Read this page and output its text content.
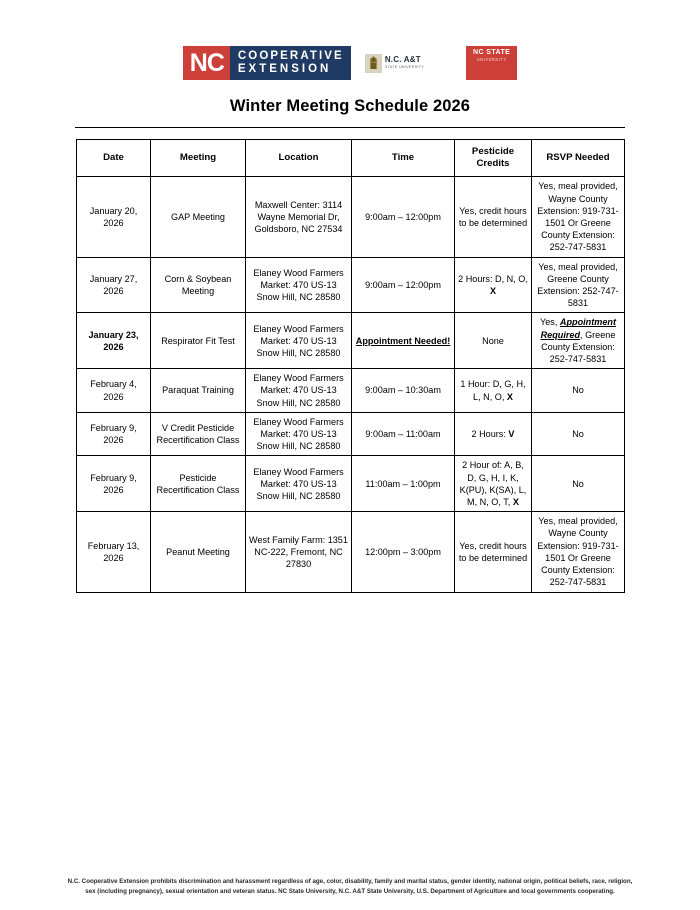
NC	COOPERATIVE
EXTENSION
N.C. A&T
STATE UNIVERSITY
NC STATE
UNIVERSITY
Winter Meeting Schedule 2026
Date	Meeting	Location	Time	Pesticide Credits	RSVP Needed
January 20, 2026	GAP Meeting	Maxwell Center: 3114 Wayne Memorial Dr, Goldsboro, NC 27534	9:00am – 12:00pm	Yes, credit hours to be determined	Yes, meal provided, Wayne County Extension: 919-731-1501 Or Greene County Extension: 252-747-5831
January 27, 2026	Corn & Soybean Meeting	Elaney Wood Farmers Market: 470 US-13 Snow Hill, NC 28580	9:00am – 12:00pm	2 Hours: D, N, O, X	Yes, meal provided, Greene County Extension: 252-747-5831
January 23, 2026	Respirator Fit Test	Elaney Wood Farmers Market: 470 US-13 Snow Hill, NC 28580	Appointment Needed!	None	Yes, Appointment Required, Greene County Extension: 252-747-5831
February 4, 2026	Paraquat Training	Elaney Wood Farmers Market: 470 US-13 Snow Hill, NC 28580	9:00am – 10:30am	1 Hour: D, G, H, L, N, O, X	No
February 9, 2026	V Credit Pesticide Recertification Class	Elaney Wood Farmers Market: 470 US-13 Snow Hill, NC 28580	9:00am – 11:00am	2 Hours: V	No
February 9, 2026	Pesticide Recertification Class	Elaney Wood Farmers Market: 470 US-13 Snow Hill, NC 28580	11:00am – 1:00pm	2 Hour of: A, B, D, G, H, I, K, K(PU), K(SA), L, M, N, O, T, X	No
February 13, 2026	Peanut Meeting	West Family Farm: 1351 NC-222, Fremont, NC 27830	12:00pm – 3:00pm	Yes, credit hours to be determined	Yes, meal provided, Wayne County Extension: 919-731-1501 Or Greene County Extension: 252-747-5831
N.C. Cooperative Extension prohibits discrimination and harassment regardless of age, color, disability, family and marital status, gender identity, national origin, political beliefs, race, religion, sex (including pregnancy), sexual orientation and veteran status. NC State University, N.C. A&T State University, U.S. Department of Agriculture and local governments cooperating.
